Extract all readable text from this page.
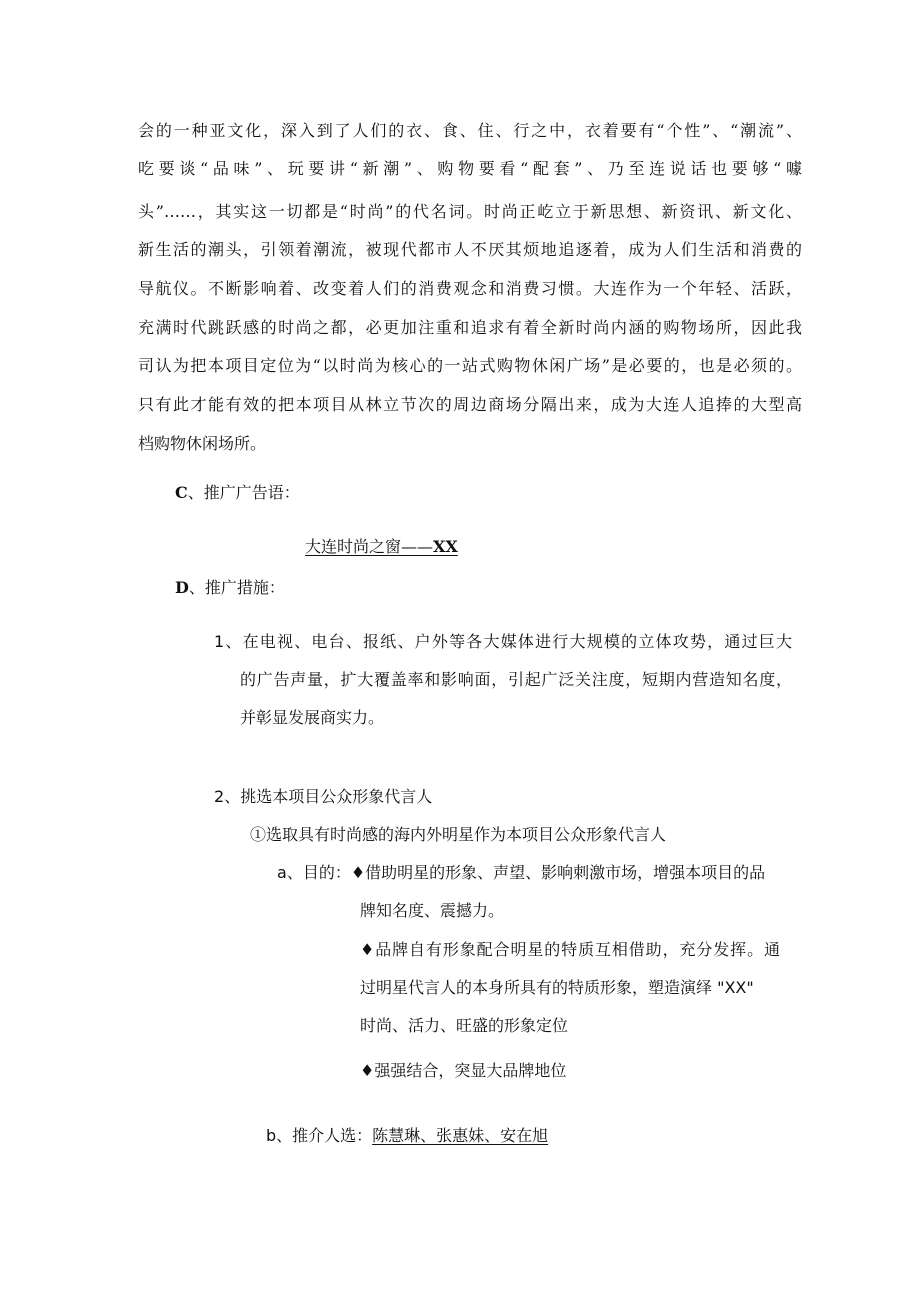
会的一种亚文化，深入到了人们的衣、食、住、行之中，衣着要有“个性”、“潮流”、
吃要谈“品味”、玩要讲“新潮”、购物要看“配套”、乃至连说话也要够“噱
头”……，其实这一切都是“时尚”的代名词。时尚正屹立于新思想、新资讯、新文化、
新生活的潮头，引领着潮流，被现代都市人不厌其烦地追逐着，成为人们生活和消费的
导航仪。不断影响着、改变着人们的消费观念和消费习惯。大连作为一个年轻、活跃，
充满时代跳跃感的时尚之都，必更加注重和追求有着全新时尚内涵的购物场所，因此我
司认为把本项目定位为“以时尚为核心的一站式购物休闲广场”是必要的，也是必须的。
只有此才能有效的把本项目从林立节次的周边商场分隔出来，成为大连人追捧的大型高
档购物休闲场所。
C、推广广告语：
大连时尚之窗——XX
D、推广措施：
1、在电视、电台、报纸、户外等各大媒体进行大规模的立体攻势，通过巨大
的广告声量，扩大覆盖率和影响面，引起广泛关注度，短期内营造知名度，
并彰显发展商实力。
2、挑选本项目公众形象代言人
①选取具有时尚感的海内外明星作为本项目公众形象代言人
a、目的：♦借助明星的形象、声望、影响刺激市场，增强本项目的品
牌知名度、震撼力。
♦品牌自有形象配合明星的特质互相借助，充分发挥。通
过明星代言人的本身所具有的特质形象，塑造演绎 "XX"
时尚、活力、旺盛的形象定位
♦强强结合，突显大品牌地位
b、推介人选：陈慧琳、张惠妹、安在旭
